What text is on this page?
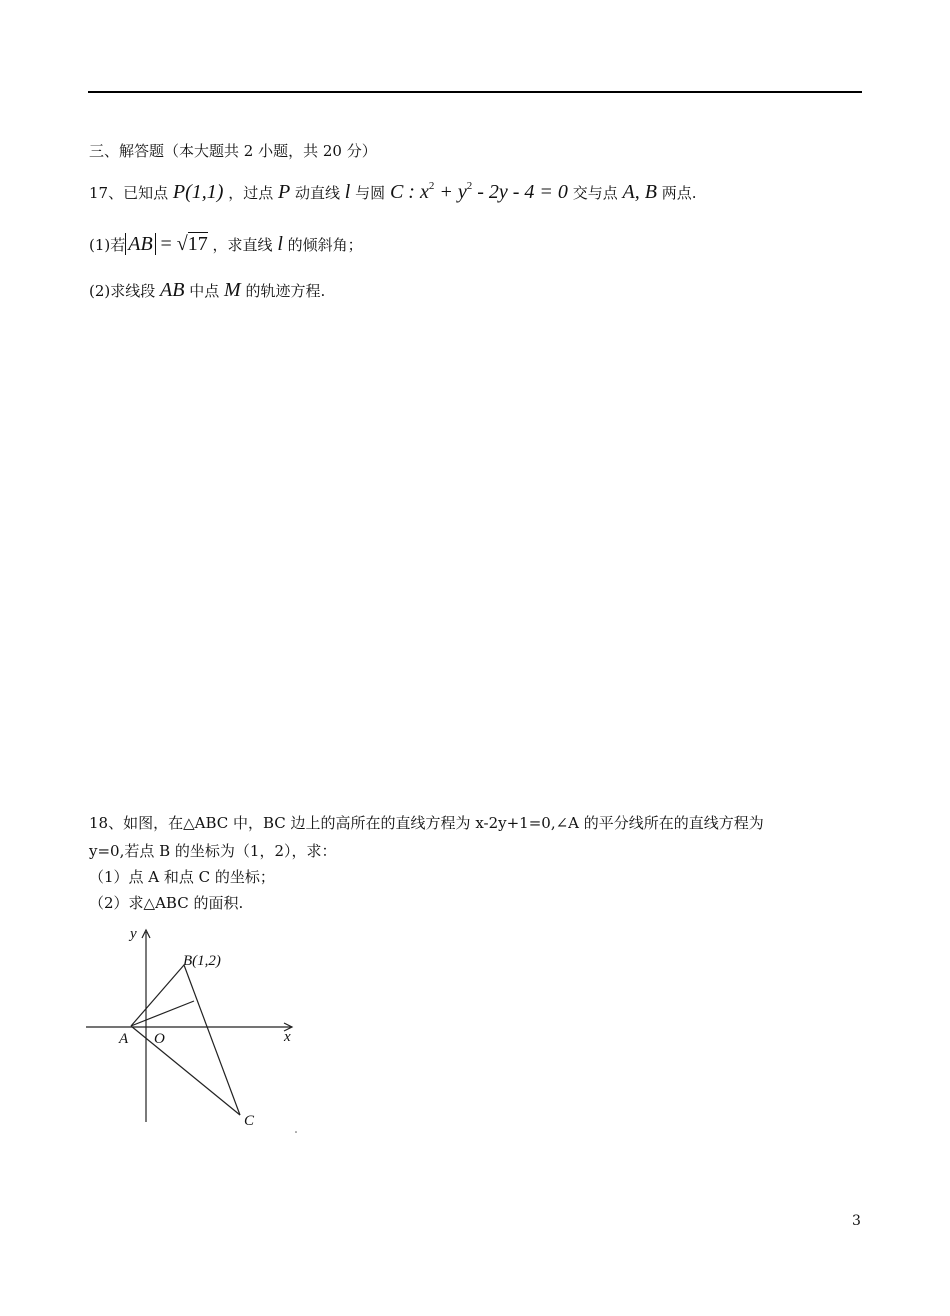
三、解答题（本大题共 2 小题，共 20 分）
17、已知点 P(1,1) ，过点 P 动直线 l 与圆 C : $x^2 + y^2 - 2y - 4 = 0$ 交与点 A, B 两点.
(1)若 AB = √17 ，求直线 l 的倾斜角；
(2)求线段 AB 中点 M 的轨迹方程.
18、如图，在△ABC 中，BC 边上的高所在的直线方程为 x-2y+1=0,∠A 的平分线所在的直线方程为
y=0,若点 B 的坐标为（1，2），求：
（1）点 A 和点 C 的坐标；
（2）求△ABC 的面积.
y
x
B(1,2)
A O
C
3
